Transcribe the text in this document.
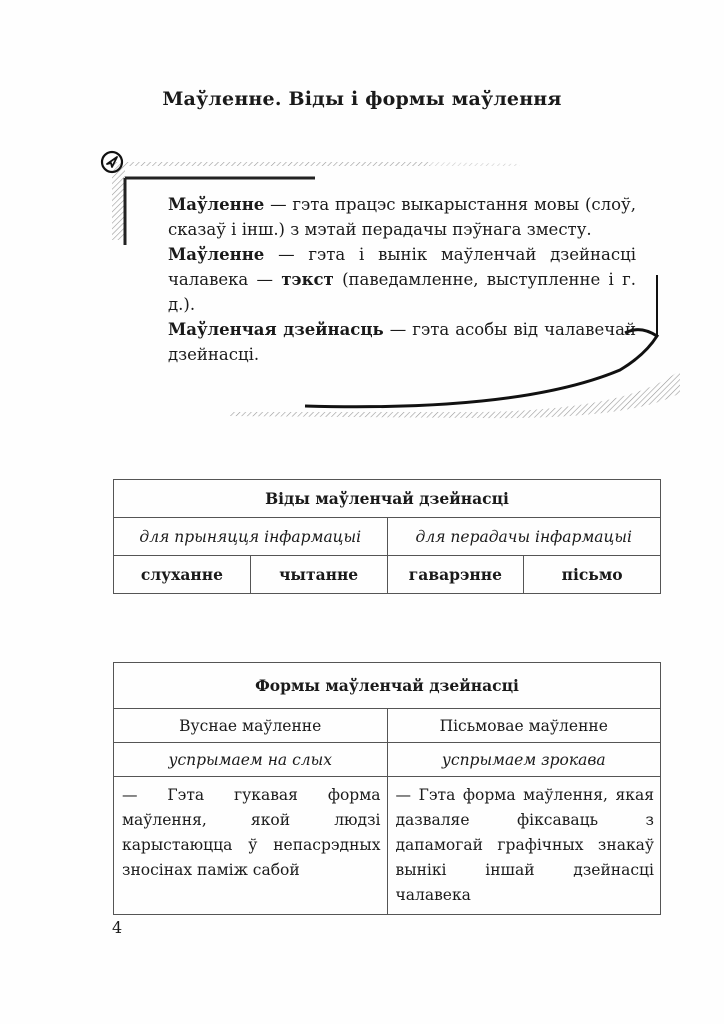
Маўленне. Віды і формы маўлення

Маўленне — гэта працэс выкарыстання мовы (слоў, сказаў і інш.) з мэтай перадачы пэўнага зместу.

Маўленне — гэта і вынік маўленчай дзейнасці чалавека — тэкст (паведамленне, выступленне і г. д.).

Маўленчая дзейнасць — гэта асобы від чалавечай дзейнасці.

Віды маўленчай дзейнасці			
для прыняцця інфармацыі		для перадачы інфармацыі	
слуханне	чытанне	гаварэнне	пісьмо
Формы маўленчай дзейнасці	
Вуснае маўленне	Пісьмовае маўленне
успрымаем на слых	успрымаем зрокава
— Гэта гукавая форма маўлення, якой людзі карыстаюцца ў непасрэдных зносінах паміж сабой	— Гэта форма маўлення, якая дазваляе фіксаваць з дапамогай графічных знакаў вынікі іншай дзейнасці чалавека
4
